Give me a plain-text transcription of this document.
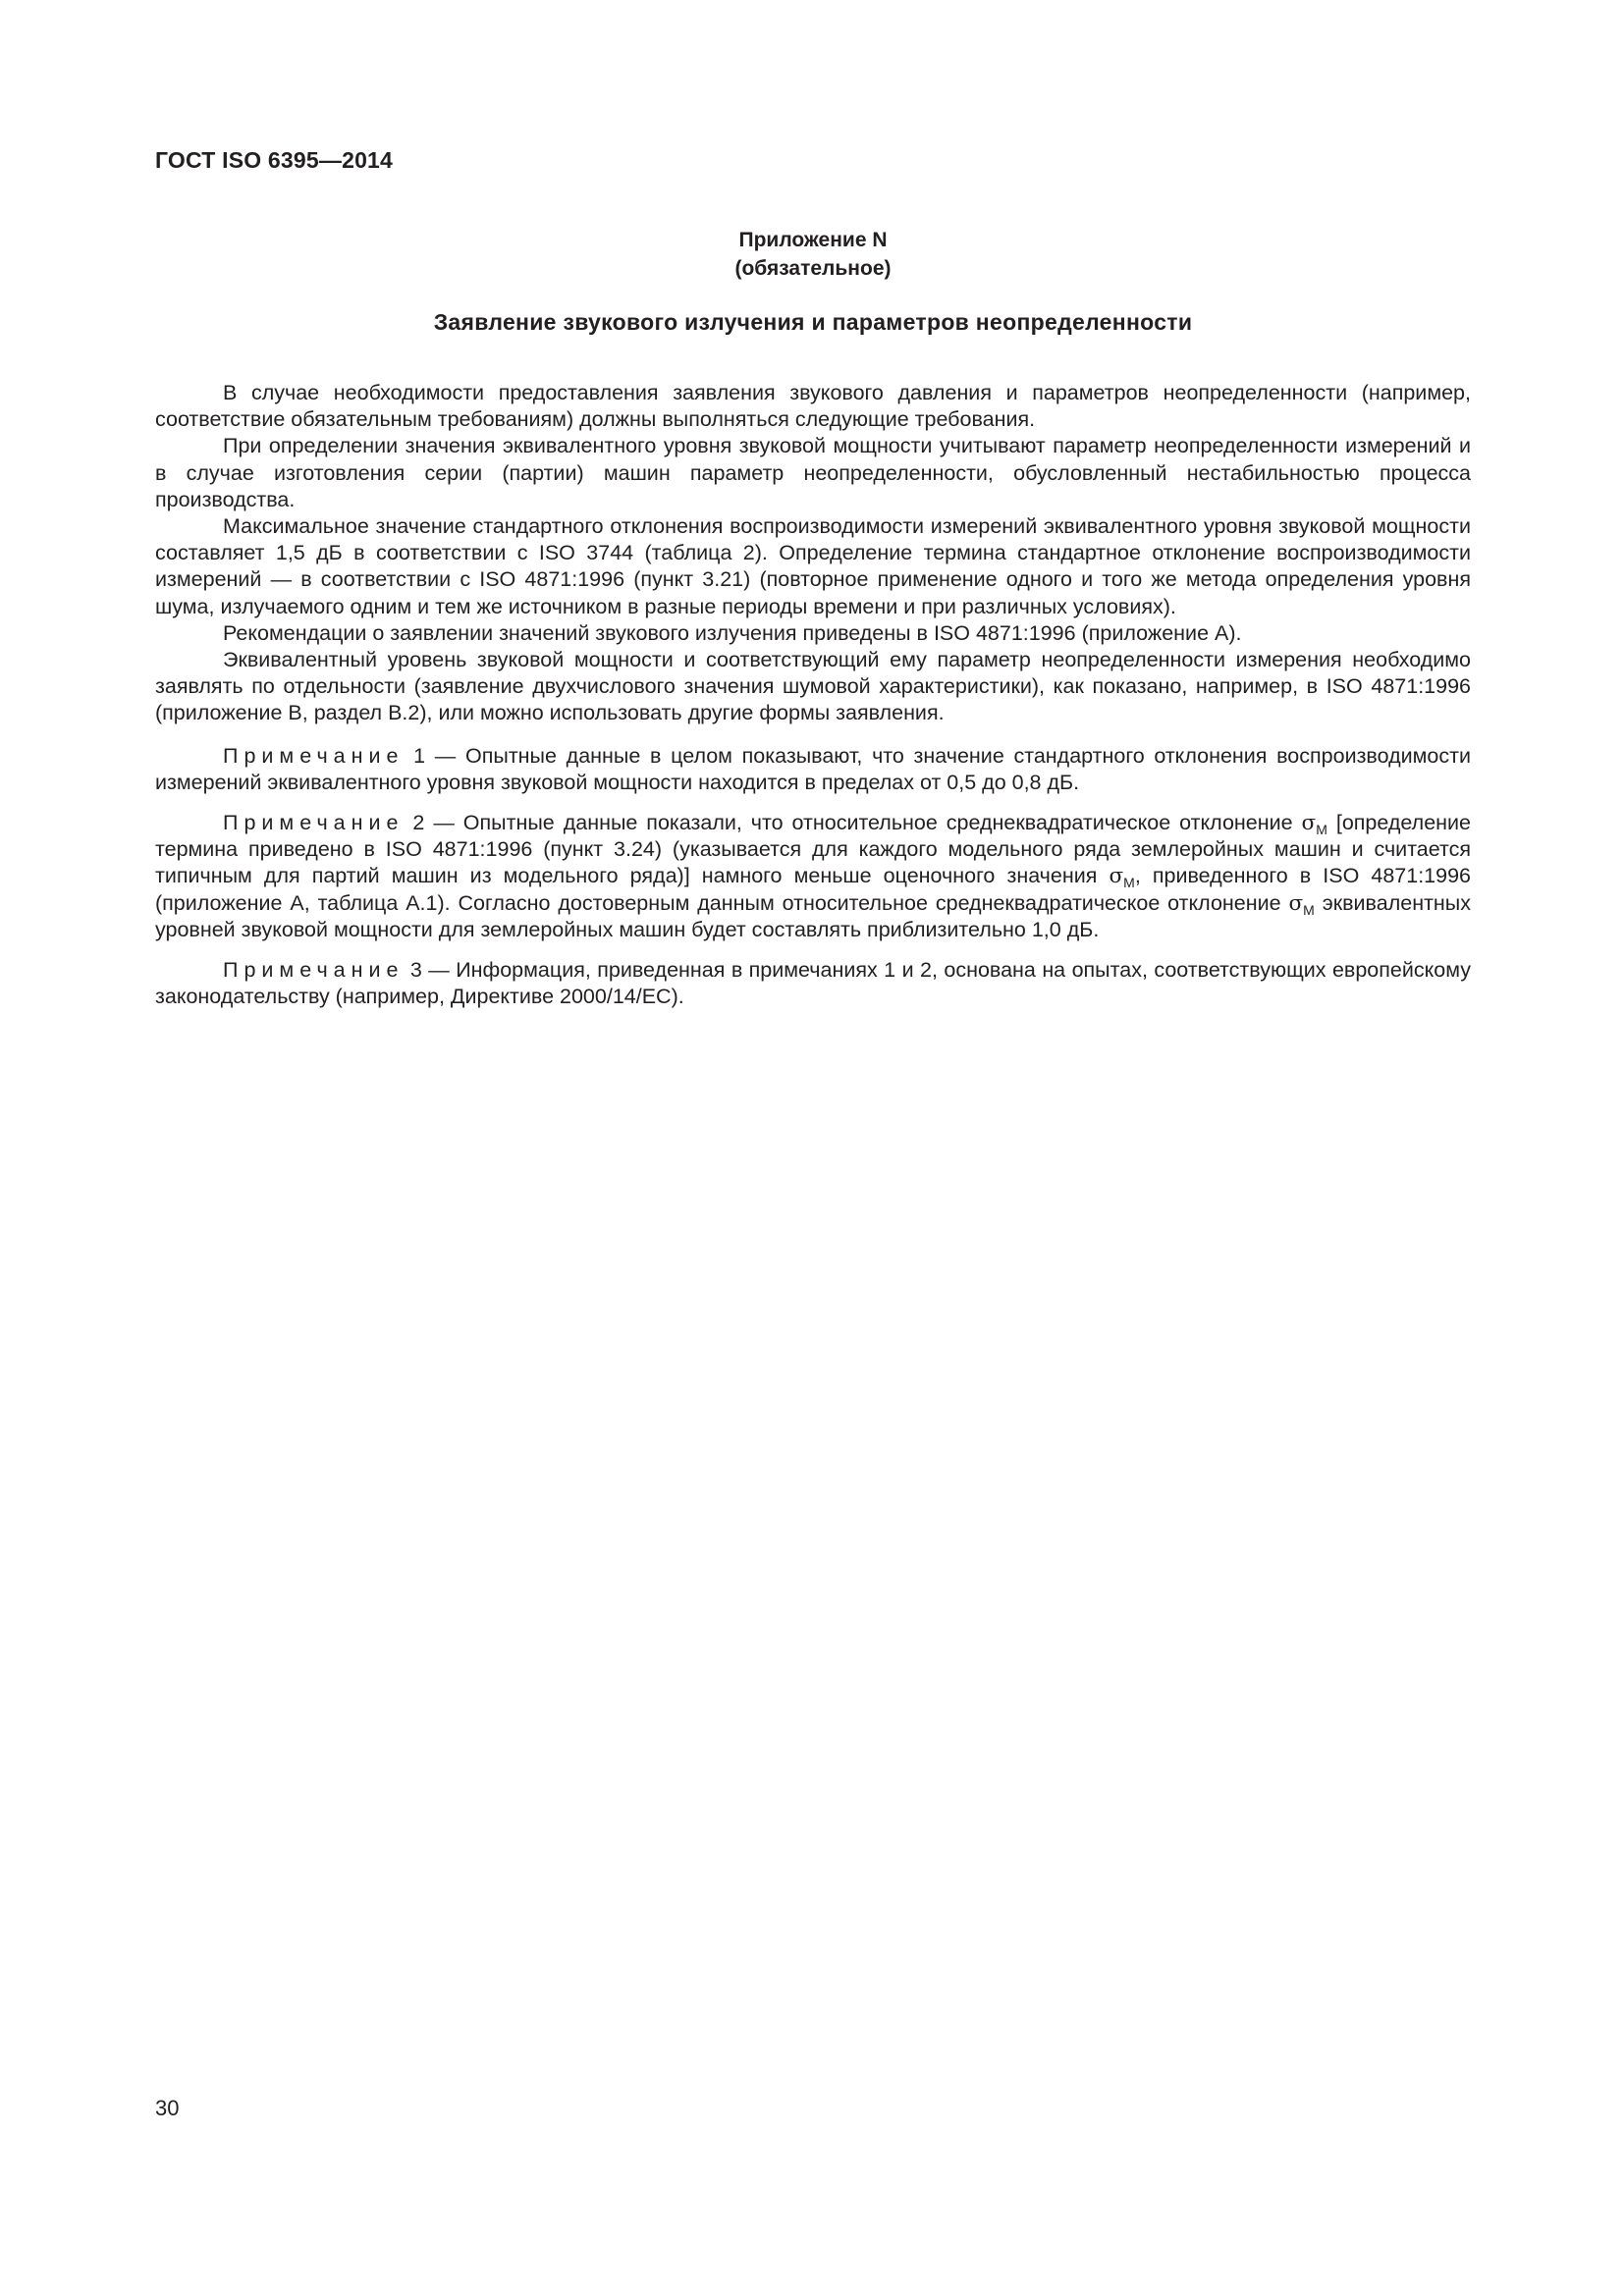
ГОСТ ISO 6395—2014
Приложение N
(обязательное)
Заявление звукового излучения и параметров неопределенности

В случае необходимости предоставления заявления звукового давления и параметров неопределенности (например, соответствие обязательным требованиям) должны выполняться следующие требования.

При определении значения эквивалентного уровня звуковой мощности учитывают параметр неопределенности измерений и в случае изготовления серии (партии) машин параметр неопределенности, обусловленный нестабильностью процесса производства.

Максимальное значение стандартного отклонения воспроизводимости измерений эквивалентного уровня звуковой мощности составляет 1,5 дБ в соответствии с ISO 3744 (таблица 2). Определение термина стандартное отклонение воспроизводимости измерений — в соответствии с ISO 4871:1996 (пункт 3.21) (повторное применение одного и того же метода определения уровня шума, излучаемого одним и тем же источником в разные периоды времени и при различных условиях).

Рекомендации о заявлении значений звукового излучения приведены в ISO 4871:1996 (приложение А).

Эквивалентный уровень звуковой мощности и соответствующий ему параметр неопределенности измерения необходимо заявлять по отдельности (заявление двухчислового значения шумовой характеристики), как показано, например, в ISO 4871:1996 (приложение В, раздел В.2), или можно использовать другие формы заявления.

Примечание 1 — Опытные данные в целом показывают, что значение стандартного отклонения воспроизводимости измерений эквивалентного уровня звуковой мощности находится в пределах от 0,5 до 0,8 дБ.

Примечание 2 — Опытные данные показали, что относительное среднеквадратическое отклонение $\sigma_M$ [определение термина приведено в ISO 4871:1996 (пункт 3.24) (указывается для каждого модельного ряда землеройных машин и считается типичным для партий машин из модельного ряда)] намного меньше оценочного значения $\sigma_M$, приведенного в ISO 4871:1996 (приложение А, таблица А.1). Согласно достоверным данным относительное среднеквадратическое отклонение $\sigma_M$ эквивалентных уровней звуковой мощности для землеройных машин будет составлять приблизительно 1,0 дБ.

Примечание 3 — Информация, приведенная в примечаниях 1 и 2, основана на опытах, соответствующих европейскому законодательству (например, Директиве 2000/14/ЕС).

30
